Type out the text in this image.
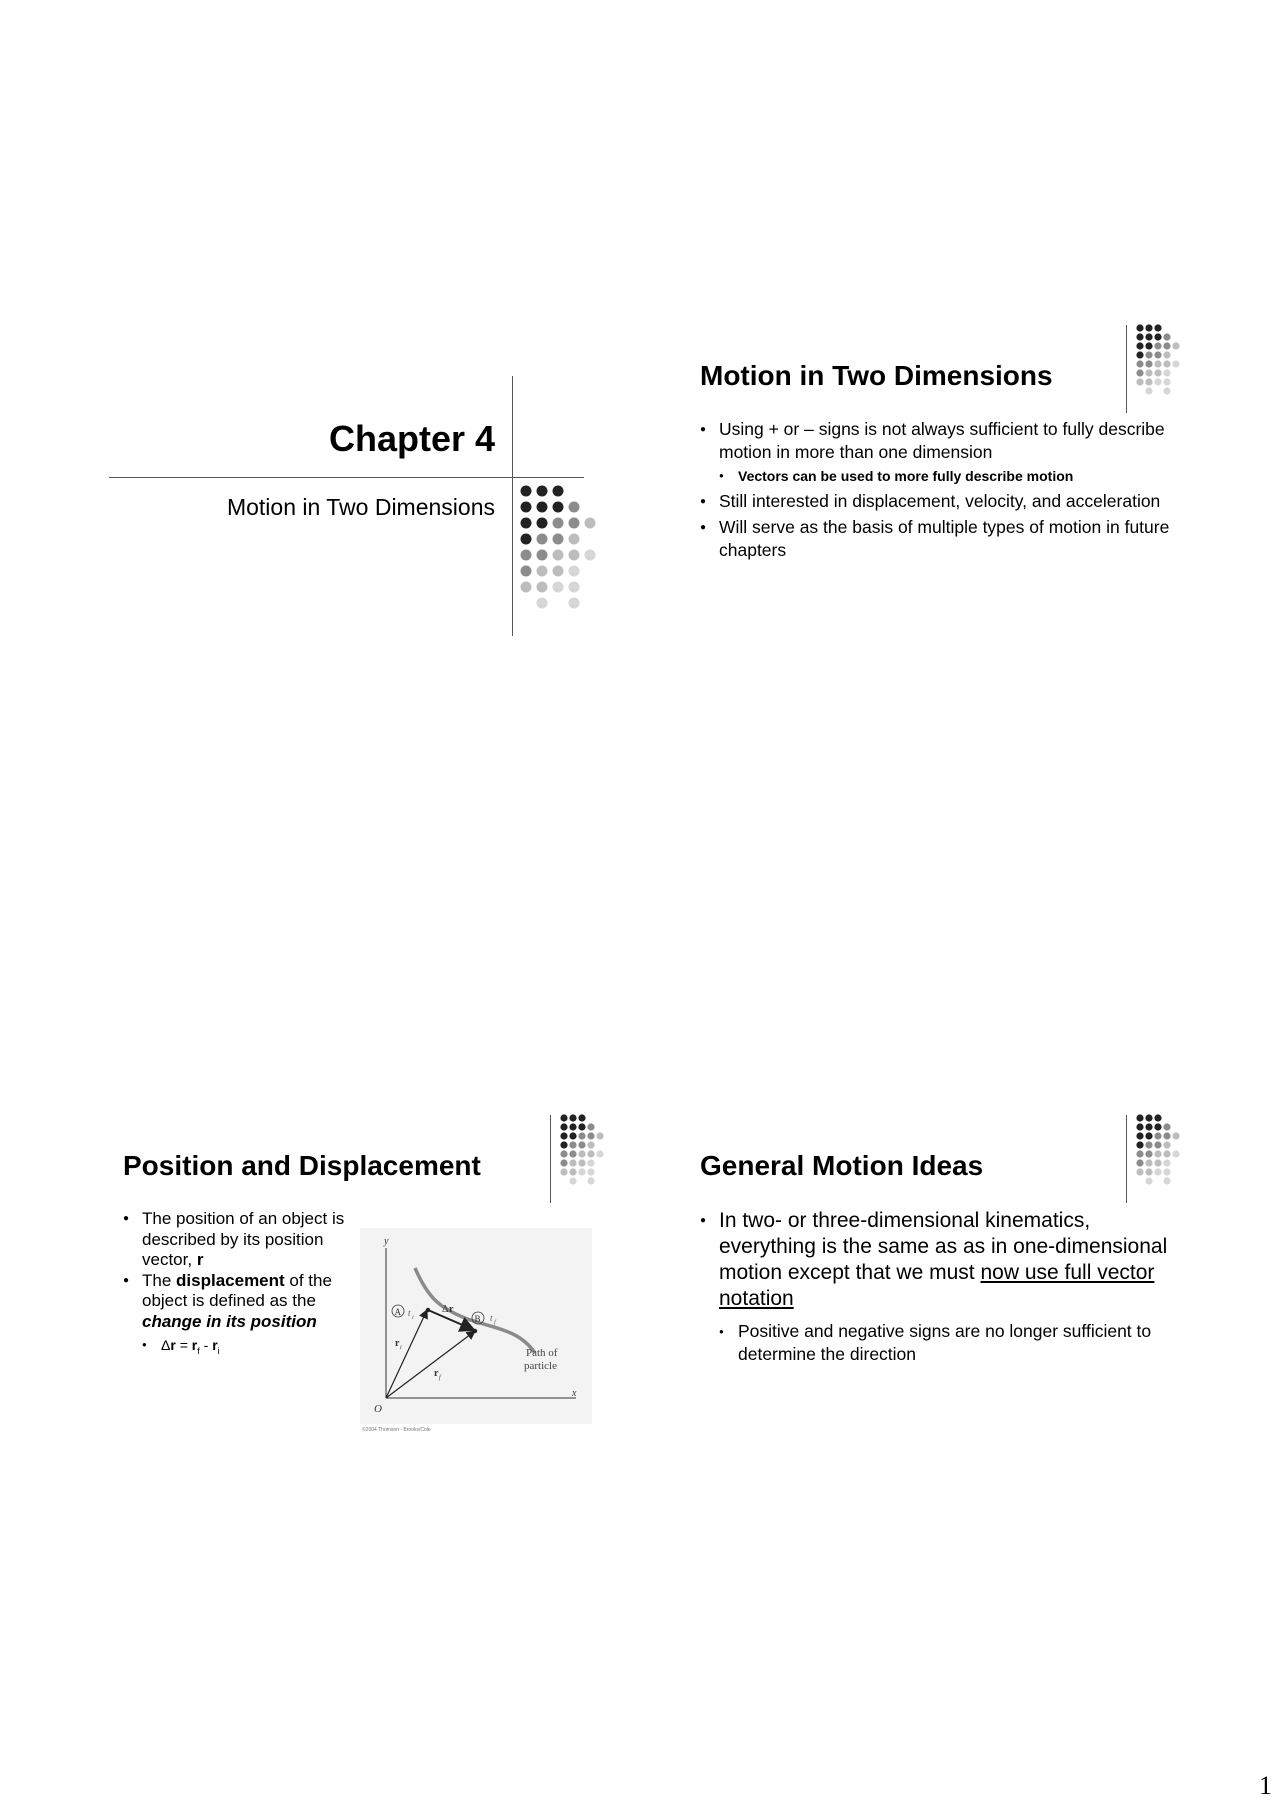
Chapter 4
Motion in Two Dimensions
Motion in Two Dimensions
● Using + or – signs is not always sufficient to fully describe motion in more than one dimension
● Vectors can be used to more fully describe motion
● Still interested in displacement, velocity, and acceleration
● Will serve as the basis of multiple types of motion in future chapters
Position and Displacement
● The position of an object is described by its position vector, r
● The displacement of the object is defined as the change in its position
● $\Delta r = r_f - r_i$
y
x
O
A t i	B t f
Δ r
r i
r f
Path of
particle
©2004 Thomson - Brooks/Cole
General Motion Ideas
● In two- or three-dimensional kinematics, everything is the same as as in one-dimensional motion except that we must now use full vector notation
● Positive and negative signs are no longer sufficient to determine the direction
1
